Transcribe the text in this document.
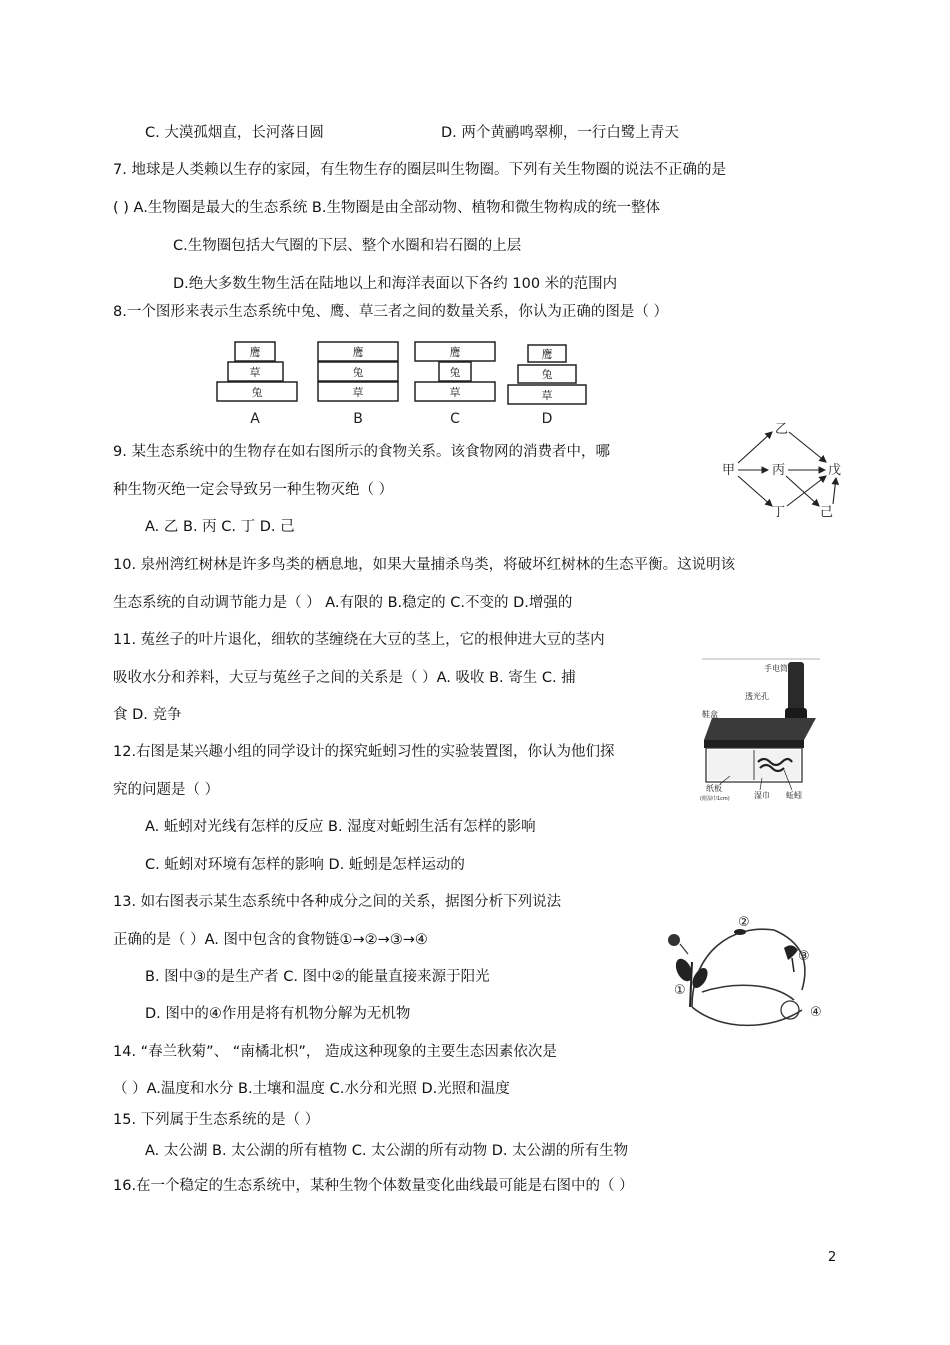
C. 大漠孤烟直，长河落日圆	D. 两个黄鹂鸣翠柳，一行白鹭上青天
7. 地球是人类赖以生存的家园，有生物生存的圈层叫生物圈。下列有关生物圈的说法不正确的是
( ) A.生物圈是最大的生态系统 B.生物圈是由全部动物、植物和微生物构成的统一整体
C.生物圈包括大气圈的下层、整个水圈和岩石圈的上层
D.绝大多数生物生活在陆地以上和海洋表面以下各约 100 米的范围内
8.一个图形来表示生态系统中兔、鹰、草三者之间的数量关系，你认为正确的图是（ ）
鹰
草
兔
鹰
兔
草
鹰
兔
草
鹰
兔
草
A	B	C	D
9. 某生态系统中的生物存在如右图所示的食物关系。该食物网的消费者中，哪
种生物灭绝一定会导致另一种生物灭绝（ ）
甲
乙
丙	戊
丁	己
A. 乙 B. 丙 C. 丁 D. 己
10. 泉州湾红树林是许多鸟类的栖息地，如果大量捕杀鸟类，将破坏红树林的生态平衡。这说明该
生态系统的自动调节能力是（ ） A.有限的 B.稳定的 C.不变的 D.增强的
11. 菟丝子的叶片退化，细软的茎缠绕在大豆的茎上，它的根伸进大豆的茎内
吸收水分和养料，大豆与菟丝子之间的关系是（ ）A. 吸收 B. 寄生 C. 捕
食 D. 竞争
手电筒
透光孔
鞋盒
纸板
(附湿巾1cm)	湿巾 蚯蚓
12.右图是某兴趣小组的同学设计的探究蚯蚓习性的实验装置图，你认为他们探
究的问题是（ ）
A. 蚯蚓对光线有怎样的反应 B. 湿度对蚯蚓生活有怎样的影响
C. 蚯蚓对环境有怎样的影响 D. 蚯蚓是怎样运动的
13. 如右图表示某生态系统中各种成分之间的关系，据图分析下列说法
正确的是（ ）A. 图中包含的食物链①→②→③→④
①
②
③
④
B. 图中③的是生产者 C. 图中②的能量直接来源于阳光
D. 图中的④作用是将有机物分解为无机物
14. “春兰秋菊”、 “南橘北枳”， 造成这种现象的主要生态因素依次是
（ ）A.温度和水分 B.土壤和温度 C.水分和光照 D.光照和温度
15. 下列属于生态系统的是（ ）
A. 太公湖 B. 太公湖的所有植物 C. 太公湖的所有动物 D. 太公湖的所有生物
16.在一个稳定的生态系统中，某种生物个体数量变化曲线最可能是右图中的（ ）
2
